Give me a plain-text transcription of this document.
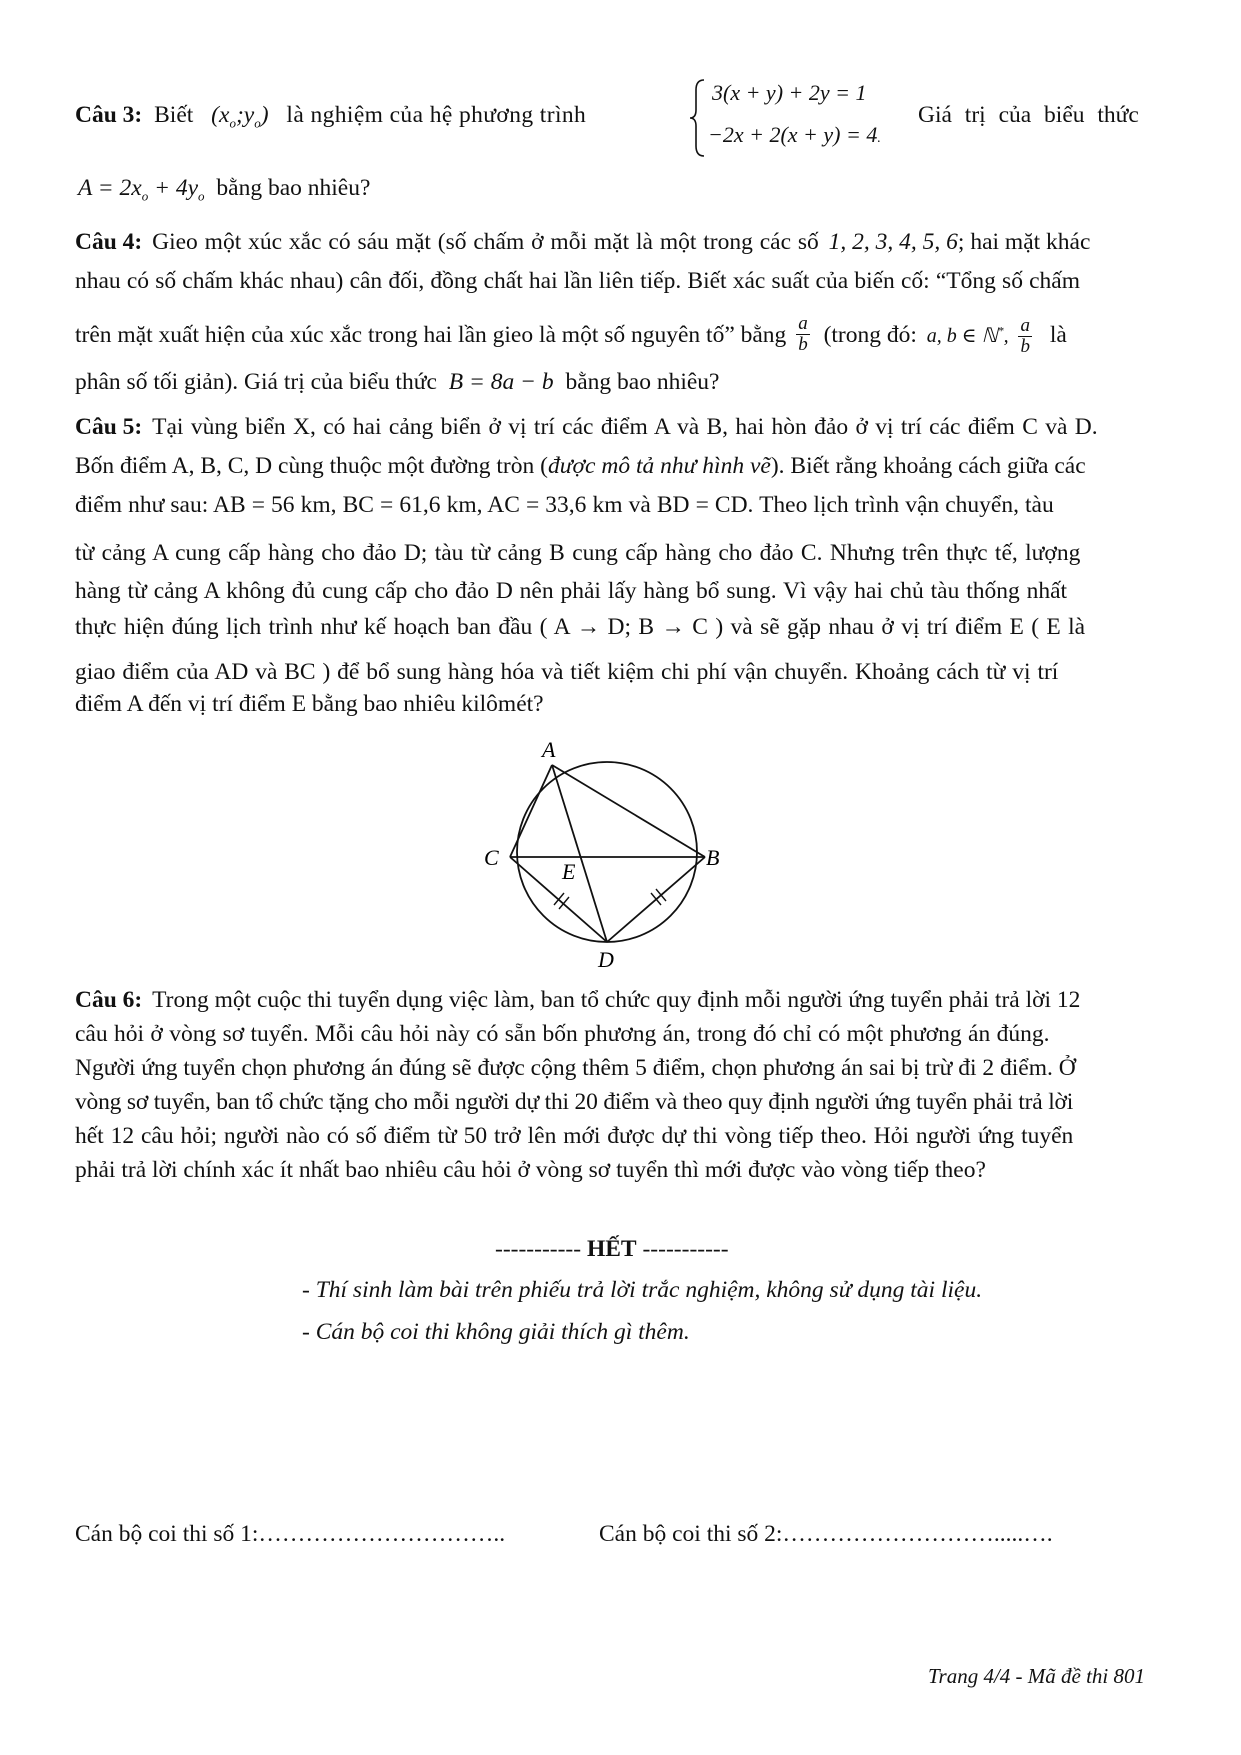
Câu 3: Biết $(x_o;y_o)$ là nghiệm của hệ phương trình
3(x + y) + 2y = 1
−2x + 2(x + y) = 4.
Giá trị của biểu thức
$A = 2x_o + 4y_o$ bằng bao nhiêu?
Câu 4: Gieo một xúc xắc có sáu mặt (số chấm ở mỗi mặt là một trong các số 1, 2, 3, 4, 5, 6; hai mặt khác
nhau có số chấm khác nhau) cân đối, đồng chất hai lần liên tiếp. Biết xác suất của biến cố: “Tổng số chấm
trên mặt xuất hiện của xúc xắc trong hai lần gieo là một số nguyên tố” bằng $\frac{a}{b}$ (trong đó: a, b ∈ ℕ*, $\frac{a}{b}$ là
phân số tối giản). Giá trị của biểu thức B = 8a − b bằng bao nhiêu?
Câu 5: Tại vùng biển X, có hai cảng biển ở vị trí các điểm A và B, hai hòn đảo ở vị trí các điểm C và D.
Bốn điểm A, B, C, D cùng thuộc một đường tròn (được mô tả như hình vẽ). Biết rằng khoảng cách giữa các
điểm như sau: AB = 56 km, BC = 61,6 km, AC = 33,6 km và BD = CD. Theo lịch trình vận chuyển, tàu
từ cảng A cung cấp hàng cho đảo D; tàu từ cảng B cung cấp hàng cho đảo C. Nhưng trên thực tế, lượng
hàng từ cảng A không đủ cung cấp cho đảo D nên phải lấy hàng bổ sung. Vì vậy hai chủ tàu thống nhất
thực hiện đúng lịch trình như kế hoạch ban đầu ( A → D; B → C ) và sẽ gặp nhau ở vị trí điểm E ( E là
giao điểm của AD và BC ) để bổ sung hàng hóa và tiết kiệm chi phí vận chuyển. Khoảng cách từ vị trí
điểm A đến vị trí điểm E bằng bao nhiêu kilômét?
A
C	B
E
D
Câu 6: Trong một cuộc thi tuyển dụng việc làm, ban tổ chức quy định mỗi người ứng tuyển phải trả lời 12
câu hỏi ở vòng sơ tuyển. Mỗi câu hỏi này có sẵn bốn phương án, trong đó chỉ có một phương án đúng.
Người ứng tuyển chọn phương án đúng sẽ được cộng thêm 5 điểm, chọn phương án sai bị trừ đi 2 điểm. Ở
vòng sơ tuyển, ban tổ chức tặng cho mỗi người dự thi 20 điểm và theo quy định người ứng tuyển phải trả lời
hết 12 câu hỏi; người nào có số điểm từ 50 trở lên mới được dự thi vòng tiếp theo. Hỏi người ứng tuyển
phải trả lời chính xác ít nhất bao nhiêu câu hỏi ở vòng sơ tuyển thì mới được vào vòng tiếp theo?
----------- HẾT -----------
- Thí sinh làm bài trên phiếu trả lời trắc nghiệm, không sử dụng tài liệu.
- Cán bộ coi thi không giải thích gì thêm.
Cán bộ coi thi số 1:…………………………..	Cán bộ coi thi số 2:……………………….....….
Trang 4/4 - Mã đề thi 801
